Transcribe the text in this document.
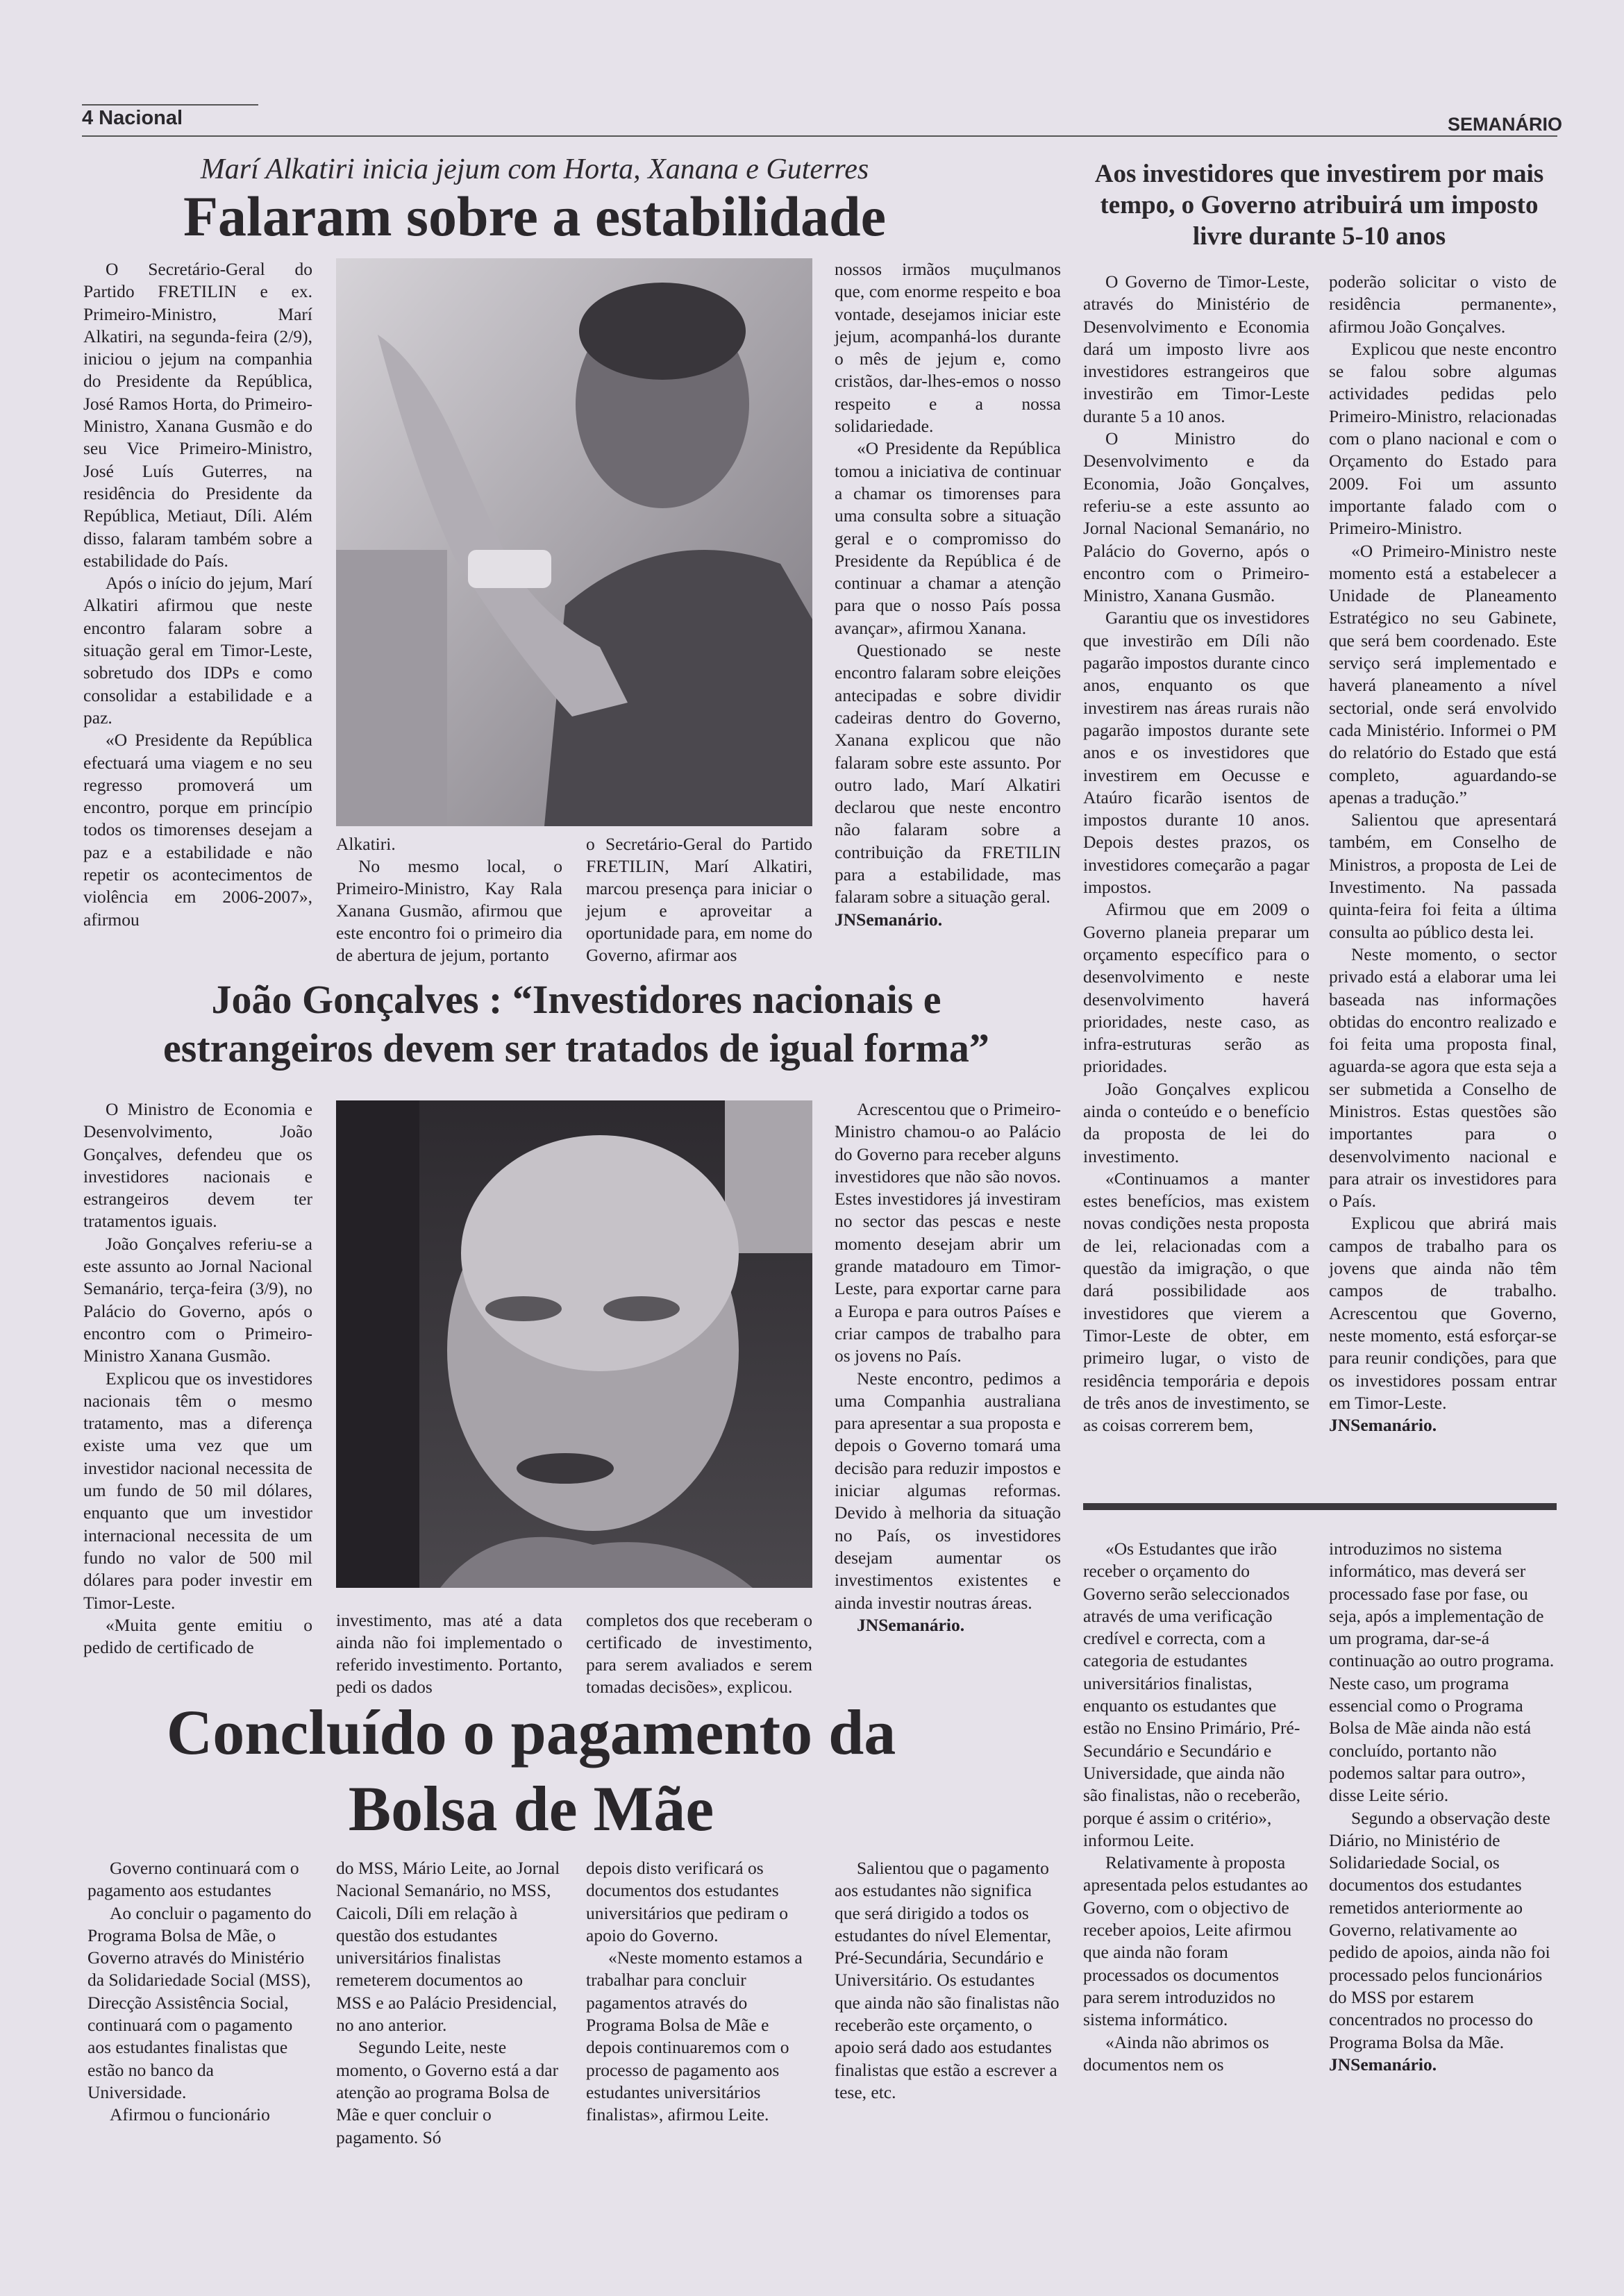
4 Nacional	SEMANÁRIO
Marí Alkatiri inicia jejum com Horta, Xanana e Guterres
Falaram sobre a estabilidade

O Secretário-Geral do Partido FRETILIN e ex. Primeiro-Ministro, Marí Alkatiri, na segunda-feira (2/9), iniciou o jejum na companhia do Presidente da República, José Ramos Horta, do Primeiro-Ministro, Xanana Gusmão e do seu Vice Primeiro-Ministro, José Luís Guterres, na residência do Presidente da República, Metiaut, Díli. Além disso, falaram também sobre a estabilidade do País.

Após o início do jejum, Marí Alkatiri afirmou que neste encontro falaram sobre a situação geral em Timor-Leste, sobretudo dos IDPs e como consolidar a estabilidade e a paz.

«O Presidente da República efectuará uma viagem e no seu regresso promoverá um encontro, porque em princípio todos os timorenses desejam a paz e a estabilidade e não repetir os acontecimentos de violência em 2006-2007», afirmou

Alkatiri.

No mesmo local, o Primeiro-Ministro, Kay Rala Xanana Gusmão, afirmou que este encontro foi o primeiro dia de abertura de jejum, portanto

o Secretário-Geral do Partido FRETILIN, Marí Alkatiri, marcou presença para iniciar o jejum e aproveitar a oportunidade para, em nome do Governo, afirmar aos

nossos irmãos muçulmanos que, com enorme respeito e boa vontade, desejamos iniciar este jejum, acompanhá-los durante o mês de jejum e, como cristãos, dar-lhes-emos o nosso respeito e a nossa solidariedade.

«O Presidente da República tomou a iniciativa de continuar a chamar os timorenses para uma consulta sobre a situação geral e o compromisso do Presidente da República é de continuar a chamar a atenção para que o nosso País possa avançar», afirmou Xanana.

Questionado se neste encontro falaram sobre eleições antecipadas e sobre dividir cadeiras dentro do Governo, Xanana explicou que não falaram sobre este assunto. Por outro lado, Marí Alkatiri declarou que neste encontro não falaram sobre a contribuição da FRETILIN para a estabilidade, mas falaram sobre a situação geral.

JNSemanário.

Aos investidores que investirem por mais tempo, o Governo atribuirá um imposto livre durante 5-10 anos

O Governo de Timor-Leste, através do Ministério de Desenvolvimento e Economia dará um imposto livre aos investidores estrangeiros que investirão em Timor-Leste durante 5 a 10 anos.

O Ministro do Desenvolvimento e da Economia, João Gonçalves, referiu-se a este assunto ao Jornal Nacional Semanário, no Palácio do Governo, após o encontro com o Primeiro-Ministro, Xanana Gusmão.

Garantiu que os investidores que investirão em Díli não pagarão impostos durante cinco anos, enquanto os que investirem nas áreas rurais não pagarão impostos durante sete anos e os investidores que investirem em Oecusse e Ataúro ficarão isentos de impostos durante 10 anos. Depois destes prazos, os investidores começarão a pagar impostos.

Afirmou que em 2009 o Governo planeia preparar um orçamento específico para o desenvolvimento e neste desenvolvimento haverá prioridades, neste caso, as infra-estruturas serão as prioridades.

João Gonçalves explicou ainda o conteúdo e o benefício da proposta de lei do investimento.

«Continuamos a manter estes benefícios, mas existem novas condições nesta proposta de lei, relacionadas com a questão da imigração, o que dará possibilidade aos investidores que vierem a Timor-Leste de obter, em primeiro lugar, o visto de residência temporária e depois de três anos de investimento, se as coisas correrem bem,

poderão solicitar o visto de residência permanente», afirmou João Gonçalves.

Explicou que neste encontro se falou sobre algumas actividades pedidas pelo Primeiro-Ministro, relacionadas com o plano nacional e com o Orçamento do Estado para 2009. Foi um assunto importante falado com o Primeiro-Ministro.

«O Primeiro-Ministro neste momento está a estabelecer a Unidade de Planeamento Estratégico no seu Gabinete, que será bem coordenado. Este serviço será implementado e haverá planeamento a nível sectorial, onde será envolvido cada Ministério. Informei o PM do relatório do Estado que está completo, aguardando-se apenas a tradução.”

Salientou que apresentará também, em Conselho de Ministros, a proposta de Lei de Investimento. Na passada quinta-feira foi feita a última consulta ao público desta lei.

Neste momento, o sector privado está a elaborar uma lei baseada nas informações obtidas do encontro realizado e foi feita uma proposta final, aguarda-se agora que esta seja a ser submetida a Conselho de Ministros. Estas questões são importantes para o desenvolvimento nacional e para atrair os investidores para o País.

Explicou que abrirá mais campos de trabalho para os jovens que ainda não têm campos de trabalho. Acrescentou que Governo, neste momento, está esforçar-se para reunir condições, para que os investidores possam entrar em Timor-Leste.

JNSemanário.

João Gonçalves : “Investidores nacionais e
estrangeiros devem ser tratados de igual forma”

O Ministro de Economia e Desenvolvimento, João Gonçalves, defendeu que os investidores nacionais e estrangeiros devem ter tratamentos iguais.

João Gonçalves referiu-se a este assunto ao Jornal Nacional Semanário, terça-feira (3/9), no Palácio do Governo, após o encontro com o Primeiro-Ministro Xanana Gusmão.

Explicou que os investidores nacionais têm o mesmo tratamento, mas a diferença existe uma vez que um investidor nacional necessita de um fundo de 50 mil dólares, enquanto que um investidor internacional necessita de um fundo no valor de 500 mil dólares para poder investir em Timor-Leste.

«Muita gente emitiu o pedido de certificado de

investimento, mas até a data ainda não foi implementado o referido investimento. Portanto, pedi os dados

completos dos que receberam o certificado de investimento, para serem avaliados e serem tomadas decisões», explicou.

Acrescentou que o Primeiro-Ministro chamou-o ao Palácio do Governo para receber alguns investidores que não são novos. Estes investidores já investiram no sector das pescas e neste momento desejam abrir um grande matadouro em Timor-Leste, para exportar carne para a Europa e para outros Países e criar campos de trabalho para os jovens no País.

Neste encontro, pedimos a uma Companhia australiana para apresentar a sua proposta e depois o Governo tomará uma decisão para reduzir impostos e iniciar algumas reformas. Devido à melhoria da situação no País, os investidores desejam aumentar os investimentos existentes e ainda investir noutras áreas.

JNSemanário.

Concluído o pagamento da
Bolsa de Mãe

Governo continuará com o pagamento aos estudantes

Ao concluir o pagamento do Programa Bolsa de Mãe, o Governo através do Ministério da Solidariedade Social (MSS), Direcção Assistência Social, continuará com o pagamento aos estudantes finalistas que estão no banco da Universidade.

Afirmou o funcionário

do MSS, Mário Leite, ao Jornal Nacional Semanário, no MSS, Caicoli, Díli em relação à questão dos estudantes universitários finalistas remeterem documentos ao MSS e ao Palácio Presidencial, no ano anterior.

Segundo Leite, neste momento, o Governo está a dar atenção ao programa Bolsa de Mãe e quer concluir o pagamento. Só

depois disto verificará os documentos dos estudantes universitários que pediram o apoio do Governo.

«Neste momento estamos a trabalhar para concluir pagamentos através do Programa Bolsa de Mãe e depois continuaremos com o processo de pagamento aos estudantes universitários finalistas», afirmou Leite.

Salientou que o pagamento aos estudantes não significa que será dirigido a todos os estudantes do nível Elementar, Pré-Secundária, Secundário e Universitário. Os estudantes que ainda não são finalistas não receberão este orçamento, o apoio será dado aos estudantes finalistas que estão a escrever a tese, etc.

«Os Estudantes que irão receber o orçamento do Governo serão seleccionados através de uma verificação credível e correcta, com a categoria de estudantes universitários finalistas, enquanto os estudantes que estão no Ensino Primário, Pré-Secundário e Secundário e Universidade, que ainda não são finalistas, não o receberão, porque é assim o critério», informou Leite.

Relativamente à proposta apresentada pelos estudantes ao Governo, com o objectivo de receber apoios, Leite afirmou que ainda não foram processados os documentos para serem introduzidos no sistema informático.

«Ainda não abrimos os documentos nem os

introduzimos no sistema informático, mas deverá ser processado fase por fase, ou seja, após a implementação de um programa, dar-se-á continuação ao outro programa. Neste caso, um programa essencial como o Programa Bolsa de Mãe ainda não está concluído, portanto não podemos saltar para outro», disse Leite sério.

Segundo a observação deste Diário, no Ministério de Solidariedade Social, os documentos dos estudantes remetidos anteriormente ao Governo, relativamente ao pedido de apoios, ainda não foi processado pelos funcionários do MSS por estarem concentrados no processo do Programa Bolsa da Mãe.

JNSemanário.
